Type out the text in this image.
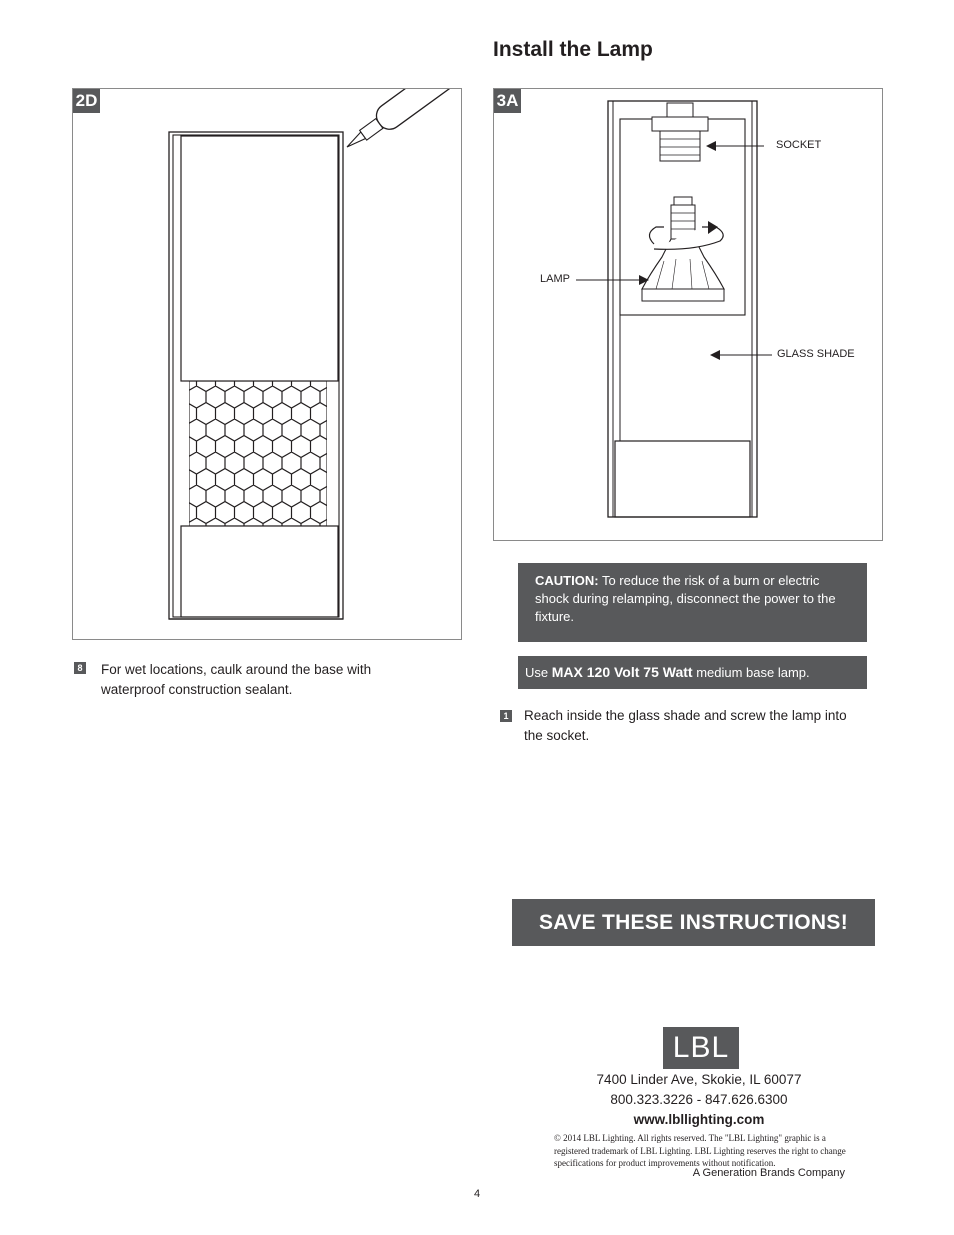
Install the Lamp
2D	3A
SOCKET
LAMP
GLASS SHADE
8 For wet locations, caulk around the base with waterproof construction sealant.
CAUTION: To reduce the risk of a burn or electric shock during relamping, disconnect the power to the fixture.
Use MAX 120 Volt 75 Watt medium base lamp.
1 Reach inside the glass shade and screw the lamp into the socket.
SAVE THESE INSTRUCTIONS!
LBL
7400 Linder Ave, Skokie, IL 60077
800.323.3226 - 847.626.6300
www.lbllighting.com
© 2014 LBL Lighting. All rights reserved. The "LBL Lighting" graphic is a registered trademark of LBL Lighting. LBL Lighting reserves the right to change specifications for product improvements without notification.
A Generation Brands Company
4
